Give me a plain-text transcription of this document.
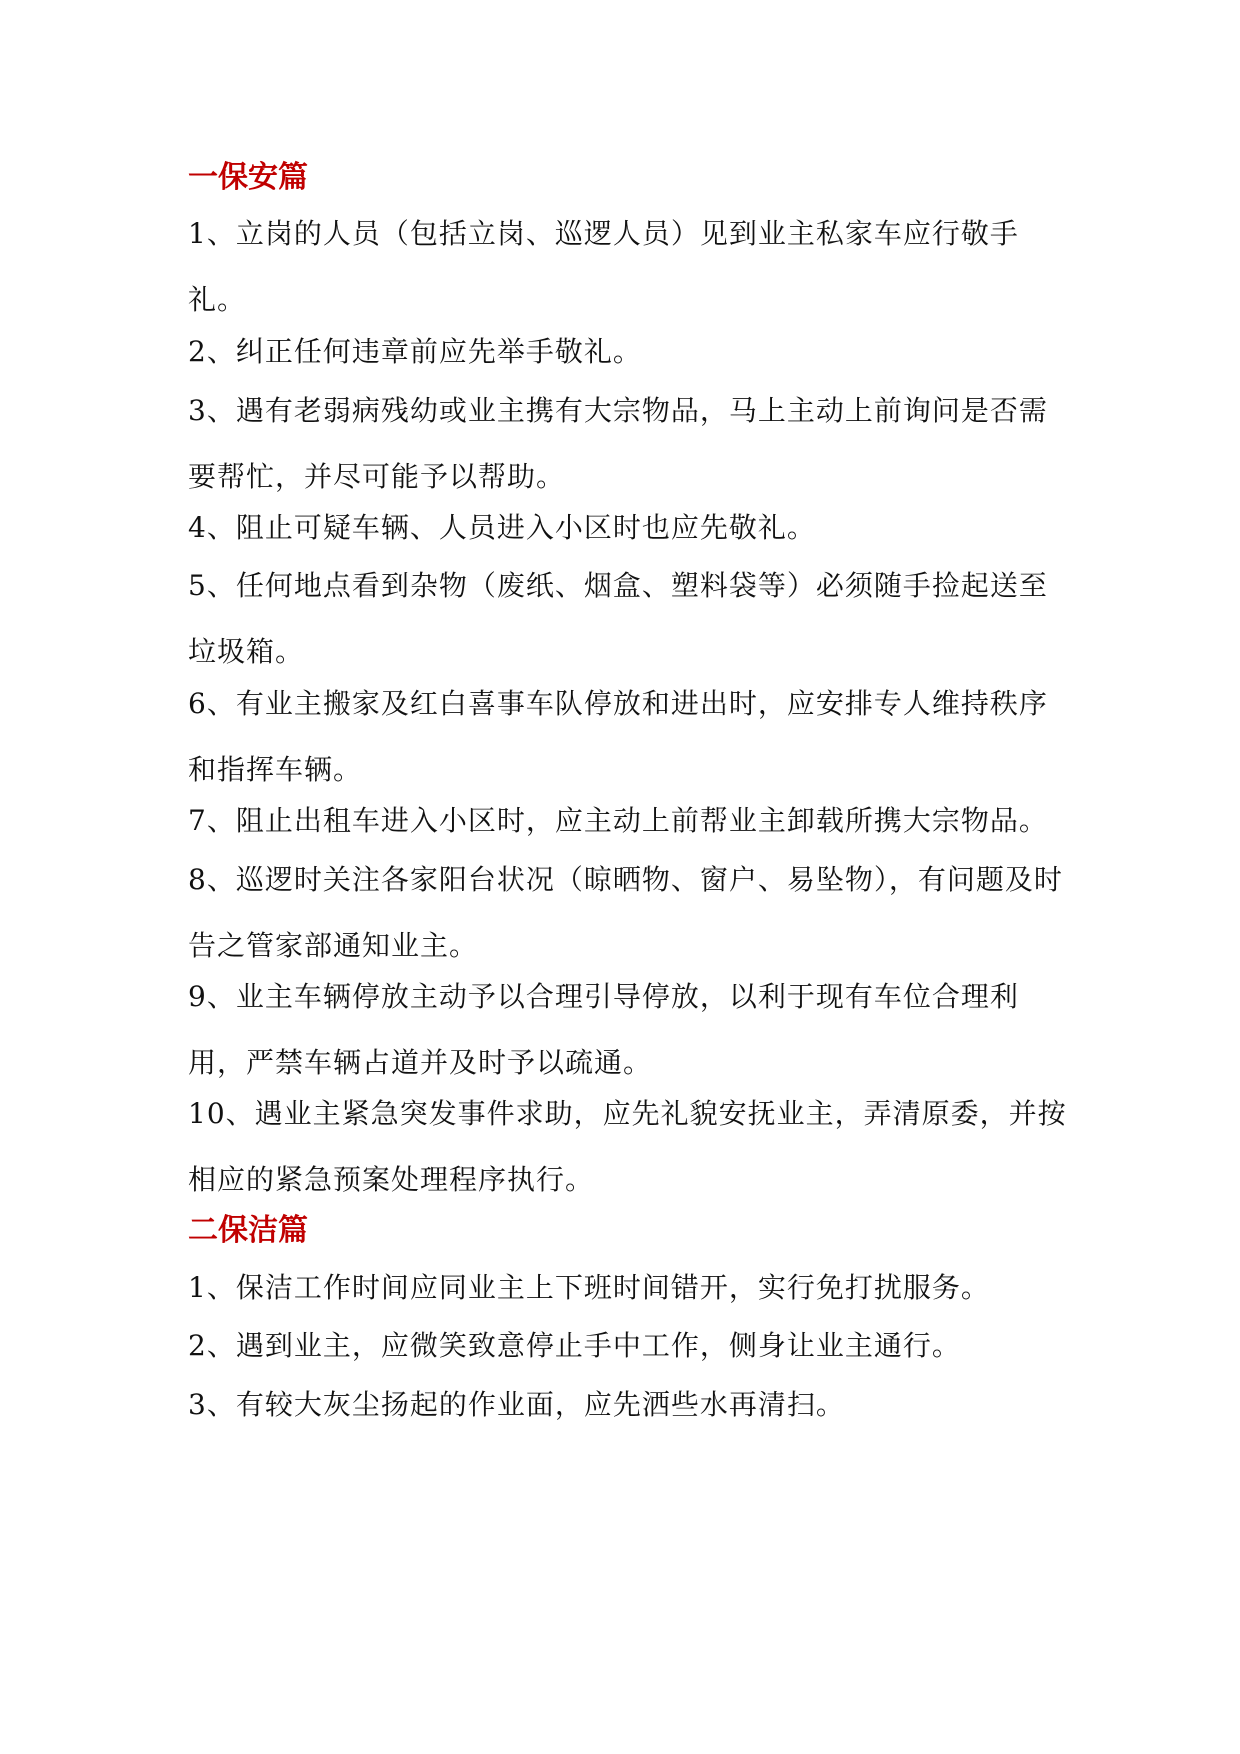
一保安篇

1、立岗的人员（包括立岗、巡逻人员）见到业主私家车应行敬手礼。

2、纠正任何违章前应先举手敬礼。

3、遇有老弱病残幼或业主携有大宗物品，马上主动上前询问是否需要帮忙，并尽可能予以帮助。

4、阻止可疑车辆、人员进入小区时也应先敬礼。

5、任何地点看到杂物（废纸、烟盒、塑料袋等）必须随手捡起送至垃圾箱。

6、有业主搬家及红白喜事车队停放和进出时，应安排专人维持秩序和指挥车辆。

7、阻止出租车进入小区时，应主动上前帮业主卸载所携大宗物品。

8、巡逻时关注各家阳台状况（晾晒物、窗户、易坠物），有问题及时告之管家部通知业主。

9、业主车辆停放主动予以合理引导停放，以利于现有车位合理利用，严禁车辆占道并及时予以疏通。

10、遇业主紧急突发事件求助，应先礼貌安抚业主，弄清原委，并按相应的紧急预案处理程序执行。

二保洁篇

1、保洁工作时间应同业主上下班时间错开，实行免打扰服务。

2、遇到业主，应微笑致意停止手中工作，侧身让业主通行。

3、有较大灰尘扬起的作业面，应先洒些水再清扫。
